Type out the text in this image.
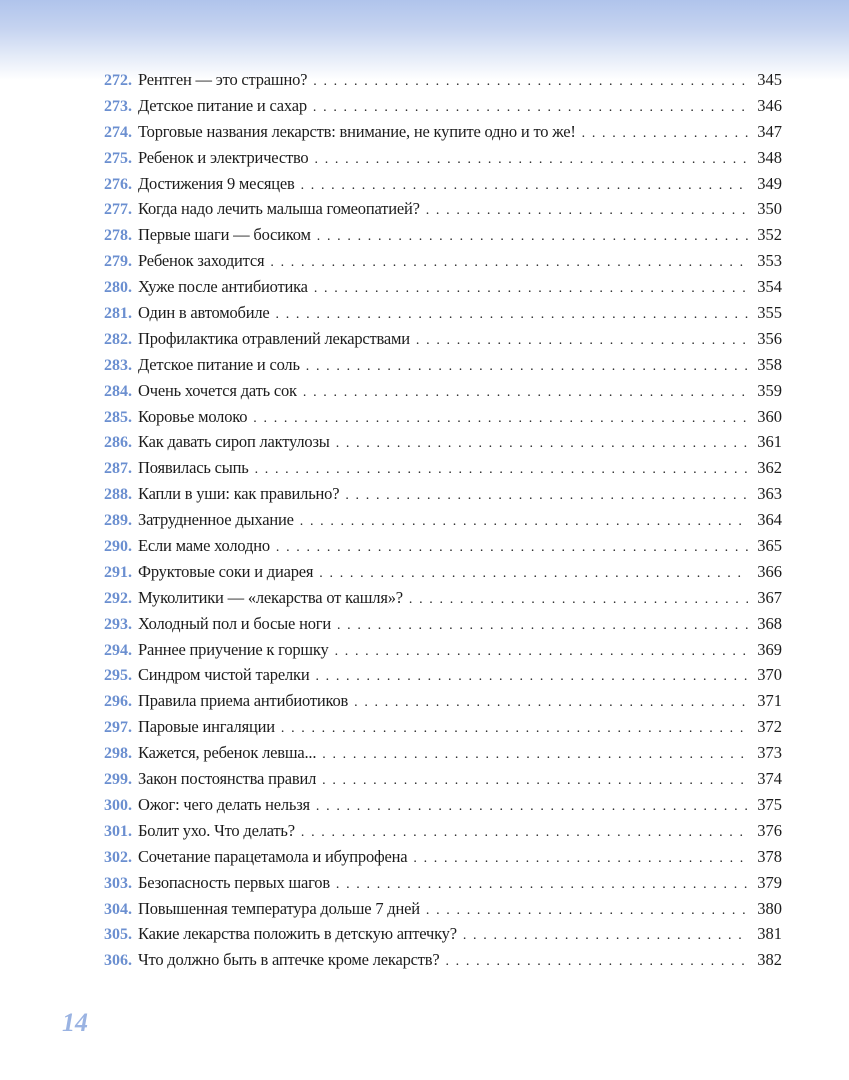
272. Рентген — это страшно? . . .	345
273. Детское питание и сахар . . .	346
274. Торговые названия лекарств: внимание, не купите одно и то же! . . .	347
275. Ребенок и электричество . . .	348
276. Достижения 9 месяцев . . .	349
277. Когда надо лечить малыша гомеопатией? . . .	350
278. Первые шаги — босиком . . .	352
279. Ребенок заходится . . .	353
280. Хуже после антибиотика . . .	354
281. Один в автомобиле . . .	355
282. Профилактика отравлений лекарствами . . .	356
283. Детское питание и соль . . .	358
284. Очень хочется дать сок . . .	359
285. Коровье молоко . . .	360
286. Как давать сироп лактулозы . . .	361
287. Появилась сыпь . . .	362
288. Капли в уши: как правильно? . . .	363
289. Затрудненное дыхание . . .	364
290. Если маме холодно . . .	365
291. Фруктовые соки и диарея . . .	366
292. Муколитики — «лекарства от кашля»? . . .	367
293. Холодный пол и босые ноги . . .	368
294. Раннее приучение к горшку . . .	369
295. Синдром чистой тарелки . . .	370
296. Правила приема антибиотиков . . .	371
297. Паровые ингаляции . . .	372
298. Кажется, ребенок левша... . . .	373
299. Закон постоянства правил . . .	374
300. Ожог: чего делать нельзя . . .	375
301. Болит ухо. Что делать? . . .	376
302. Сочетание парацетамола и ибупрофена . . .	378
303. Безопасность первых шагов . . .	379
304. Повышенная температура дольше 7 дней . . .	380
305. Какие лекарства положить в детскую аптечку? . . .	381
306. Что должно быть в аптечке кроме лекарств? . . .	382
14
